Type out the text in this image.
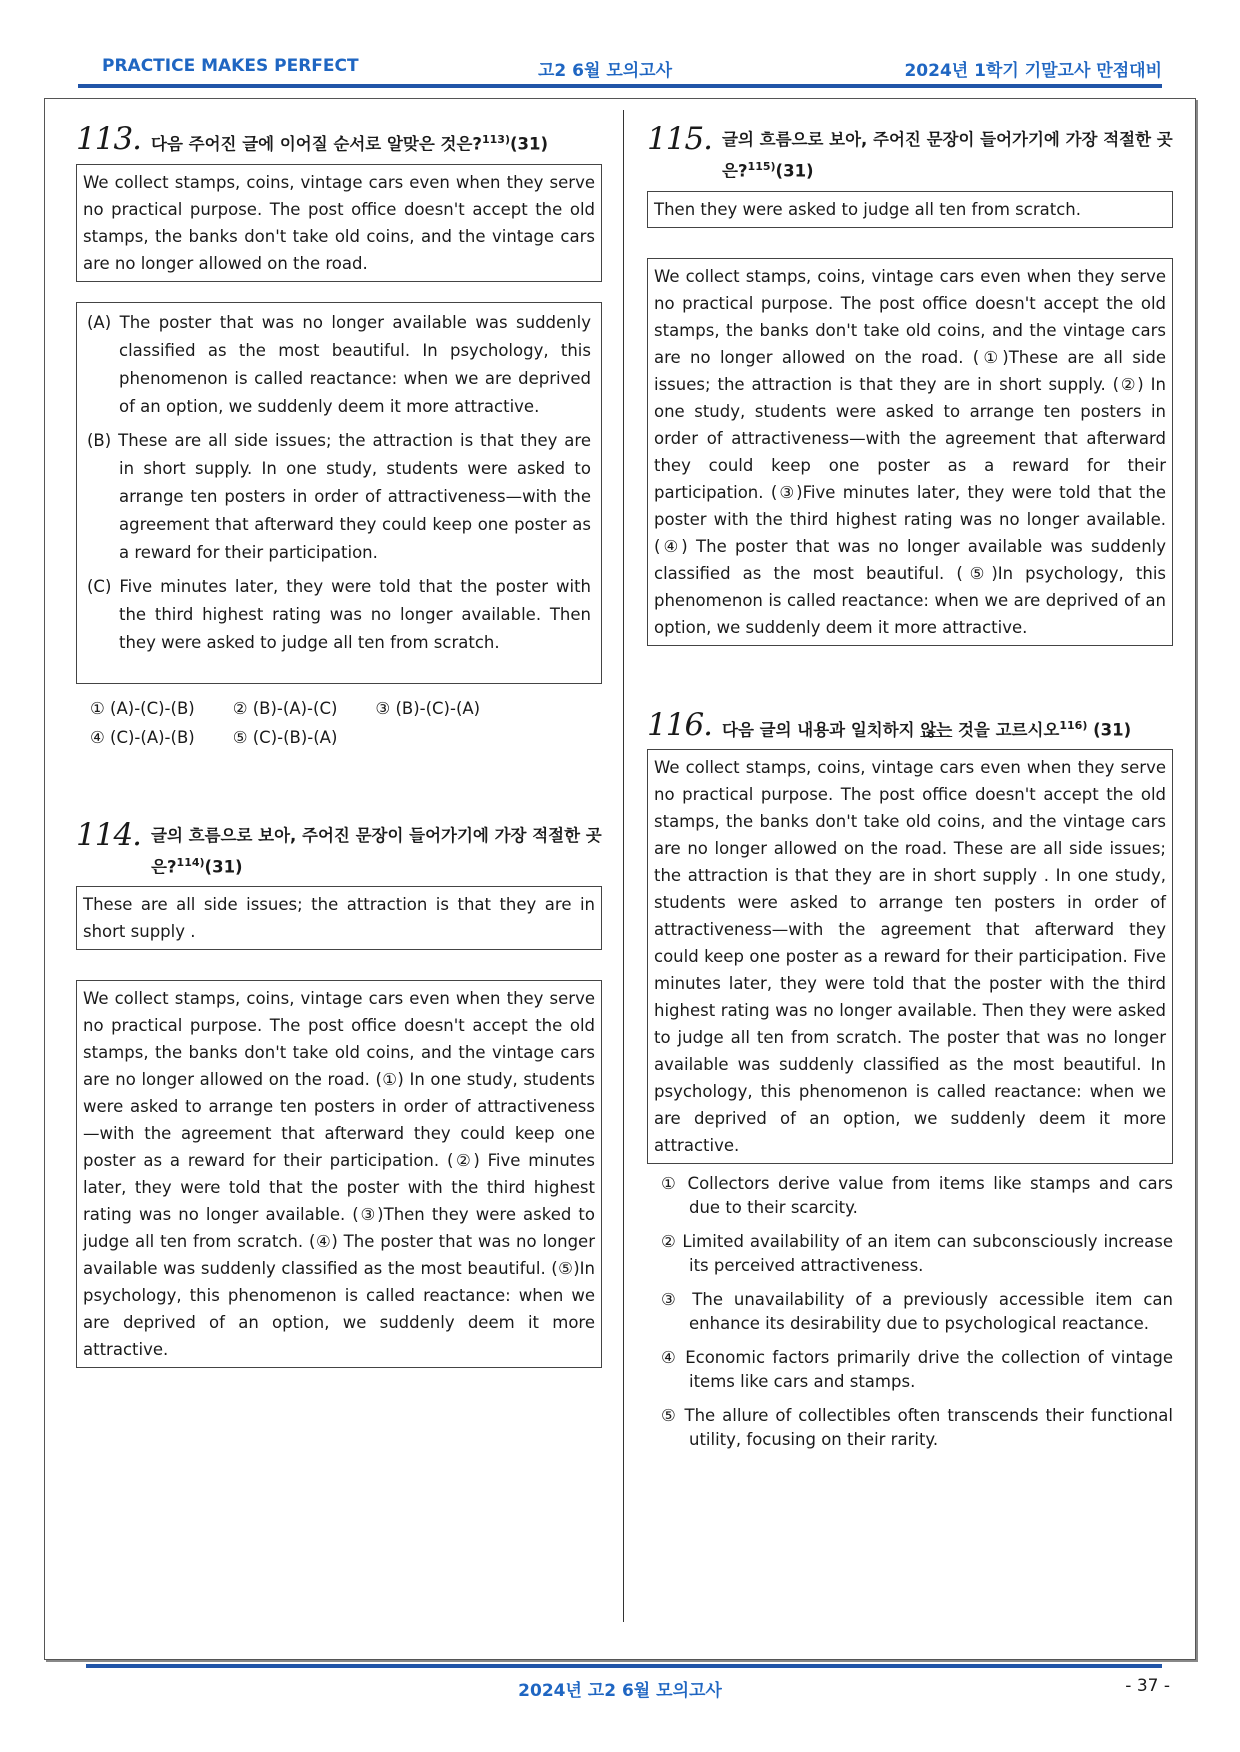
PRACTICE MAKES PERFECT	고2 6월 모의고사	2024년 1학기 기말고사 만점대비
113. 다음 주어진 글에 이어질 순서로 알맞은 것은?$^{113)}$(31)
We collect stamps, coins, vintage cars even when they serve no practical purpose. The post office doesn't accept the old stamps, the banks don't take old coins, and the vintage cars are no longer allowed on the road.
(A) The poster that was no longer available was suddenly classified as the most beautiful. In psychology, this phenomenon is called reactance: when we are deprived of an option, we suddenly deem it more attractive.
(B) These are all side issues; the attraction is that they are in short supply. In one study, students were asked to arrange ten posters in order of attractiveness—with the agreement that afterward they could keep one poster as a reward for their participation.
(C) Five minutes later, they were told that the poster with the third highest rating was no longer available. Then they were asked to judge all ten from scratch.
① (A)-(C)-(B) ② (B)-(A)-(C) ③ (B)-(C)-(A)
④ (C)-(A)-(B) ⑤ (C)-(B)-(A)
114. 글의 흐름으로 보아, 주어진 문장이 들어가기에 가장 적절한 곳은?$^{114)}$(31)
These are all side issues; the attraction is that they are in short supply .
We collect stamps, coins, vintage cars even when they serve no practical purpose. The post office doesn't accept the old stamps, the banks don't take old coins, and the vintage cars are no longer allowed on the road. (①) In one study, students were asked to arrange ten posters in order of attractiveness—with the agreement that afterward they could keep one poster as a reward for their participation. (②) Five minutes later, they were told that the poster with the third highest rating was no longer available. (③)Then they were asked to judge all ten from scratch. (④) The poster that was no longer available was suddenly classified as the most beautiful. (⑤)In psychology, this phenomenon is called reactance: when we are deprived of an option, we suddenly deem it more attractive.
115. 글의 흐름으로 보아, 주어진 문장이 들어가기에 가장 적절한 곳은?$^{115)}$(31)
Then they were asked to judge all ten from scratch.
We collect stamps, coins, vintage cars even when they serve no practical purpose. The post office doesn't accept the old stamps, the banks don't take old coins, and the vintage cars are no longer allowed on the road. (①)These are all side issues; the attraction is that they are in short supply. (②) In one study, students were asked to arrange ten posters in order of attractiveness—with the agreement that afterward they could keep one poster as a reward for their participation. (③)Five minutes later, they were told that the poster with the third highest rating was no longer available. (④) The poster that was no longer available was suddenly classified as the most beautiful. (⑤)In psychology, this phenomenon is called reactance: when we are deprived of an option, we suddenly deem it more attractive.
116. 다음 글의 내용과 일치하지 않는 것을 고르시오$^{116)}$ (31)
We collect stamps, coins, vintage cars even when they serve no practical purpose. The post office doesn't accept the old stamps, the banks don't take old coins, and the vintage cars are no longer allowed on the road. These are all side issues; the attraction is that they are in short supply . In one study, students were asked to arrange ten posters in order of attractiveness—with the agreement that afterward they could keep one poster as a reward for their participation. Five minutes later, they were told that the poster with the third highest rating was no longer available. Then they were asked to judge all ten from scratch. The poster that was no longer available was suddenly classified as the most beautiful. In psychology, this phenomenon is called reactance: when we are deprived of an option, we suddenly deem it more attractive.
① Collectors derive value from items like stamps and cars due to their scarcity.
② Limited availability of an item can subconsciously increase its perceived attractiveness.
③ The unavailability of a previously accessible item can enhance its desirability due to psychological reactance.
④ Economic factors primarily drive the collection of vintage items like cars and stamps.
⑤ The allure of collectibles often transcends their functional utility, focusing on their rarity.
2024년 고2 6월 모의고사	- 37 -
